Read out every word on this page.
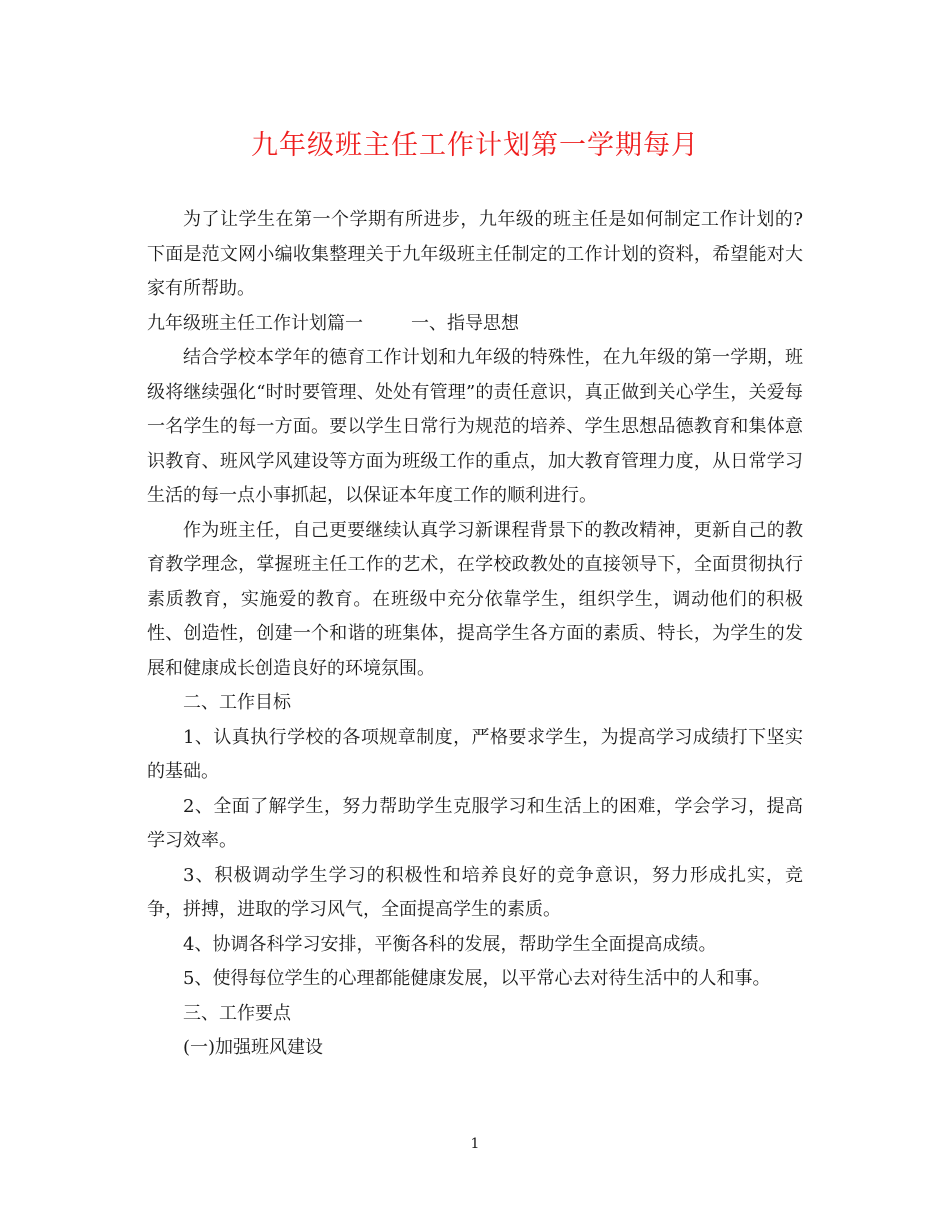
九年级班主任工作计划第一学期每月

为了让学生在第一个学期有所进步，九年级的班主任是如何制定工作计划的?下面是范文网小编收集整理关于九年级班主任制定的工作计划的资料，希望能对大家有所帮助。

九年级班主任工作计划篇一	一、指导思想

结合学校本学年的德育工作计划和九年级的特殊性，在九年级的第一学期，班级将继续强化“时时要管理、处处有管理”的责任意识，真正做到关心学生，关爱每一名学生的每一方面。要以学生日常行为规范的培养、学生思想品德教育和集体意识教育、班风学风建设等方面为班级工作的重点，加大教育管理力度，从日常学习生活的每一点小事抓起，以保证本年度工作的顺利进行。

作为班主任，自己更要继续认真学习新课程背景下的教改精神，更新自己的教育教学理念，掌握班主任工作的艺术，在学校政教处的直接领导下，全面贯彻执行素质教育，实施爱的教育。在班级中充分依靠学生，组织学生，调动他们的积极性、创造性，创建一个和谐的班集体，提高学生各方面的素质、特长，为学生的发展和健康成长创造良好的环境氛围。

二、工作目标

1、认真执行学校的各项规章制度，严格要求学生，为提高学习成绩打下坚实的基础。

2、全面了解学生，努力帮助学生克服学习和生活上的困难，学会学习，提高学习效率。

3、积极调动学生学习的积极性和培养良好的竞争意识，努力形成扎实，竞争，拼搏，进取的学习风气，全面提高学生的素质。

4、协调各科学习安排，平衡各科的发展，帮助学生全面提高成绩。

5、使得每位学生的心理都能健康发展，以平常心去对待生活中的人和事。

三、工作要点

(一)加强班风建设

1
